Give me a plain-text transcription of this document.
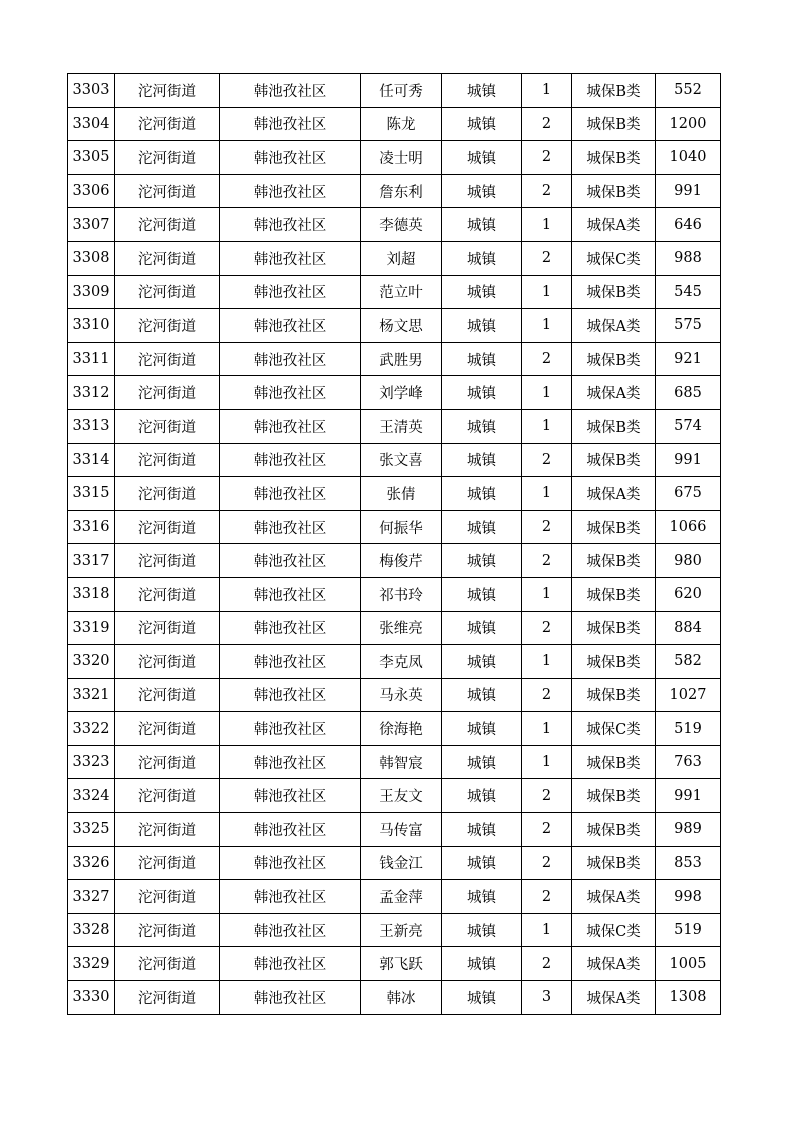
3303	沱河街道	韩池孜社区	任可秀	城镇	1	城保B类	552
3304	沱河街道	韩池孜社区	陈龙	城镇	2	城保B类	1200
3305	沱河街道	韩池孜社区	凌士明	城镇	2	城保B类	1040
3306	沱河街道	韩池孜社区	詹东利	城镇	2	城保B类	991
3307	沱河街道	韩池孜社区	李德英	城镇	1	城保A类	646
3308	沱河街道	韩池孜社区	刘超	城镇	2	城保C类	988
3309	沱河街道	韩池孜社区	范立叶	城镇	1	城保B类	545
3310	沱河街道	韩池孜社区	杨文思	城镇	1	城保A类	575
3311	沱河街道	韩池孜社区	武胜男	城镇	2	城保B类	921
3312	沱河街道	韩池孜社区	刘学峰	城镇	1	城保A类	685
3313	沱河街道	韩池孜社区	王清英	城镇	1	城保B类	574
3314	沱河街道	韩池孜社区	张文喜	城镇	2	城保B类	991
3315	沱河街道	韩池孜社区	张倩	城镇	1	城保A类	675
3316	沱河街道	韩池孜社区	何振华	城镇	2	城保B类	1066
3317	沱河街道	韩池孜社区	梅俊芹	城镇	2	城保B类	980
3318	沱河街道	韩池孜社区	祁书玲	城镇	1	城保B类	620
3319	沱河街道	韩池孜社区	张维亮	城镇	2	城保B类	884
3320	沱河街道	韩池孜社区	李克凤	城镇	1	城保B类	582
3321	沱河街道	韩池孜社区	马永英	城镇	2	城保B类	1027
3322	沱河街道	韩池孜社区	徐海艳	城镇	1	城保C类	519
3323	沱河街道	韩池孜社区	韩智宸	城镇	1	城保B类	763
3324	沱河街道	韩池孜社区	王友文	城镇	2	城保B类	991
3325	沱河街道	韩池孜社区	马传富	城镇	2	城保B类	989
3326	沱河街道	韩池孜社区	钱金江	城镇	2	城保B类	853
3327	沱河街道	韩池孜社区	孟金萍	城镇	2	城保A类	998
3328	沱河街道	韩池孜社区	王新亮	城镇	1	城保C类	519
3329	沱河街道	韩池孜社区	郭飞跃	城镇	2	城保A类	1005
3330	沱河街道	韩池孜社区	韩冰	城镇	3	城保A类	1308
